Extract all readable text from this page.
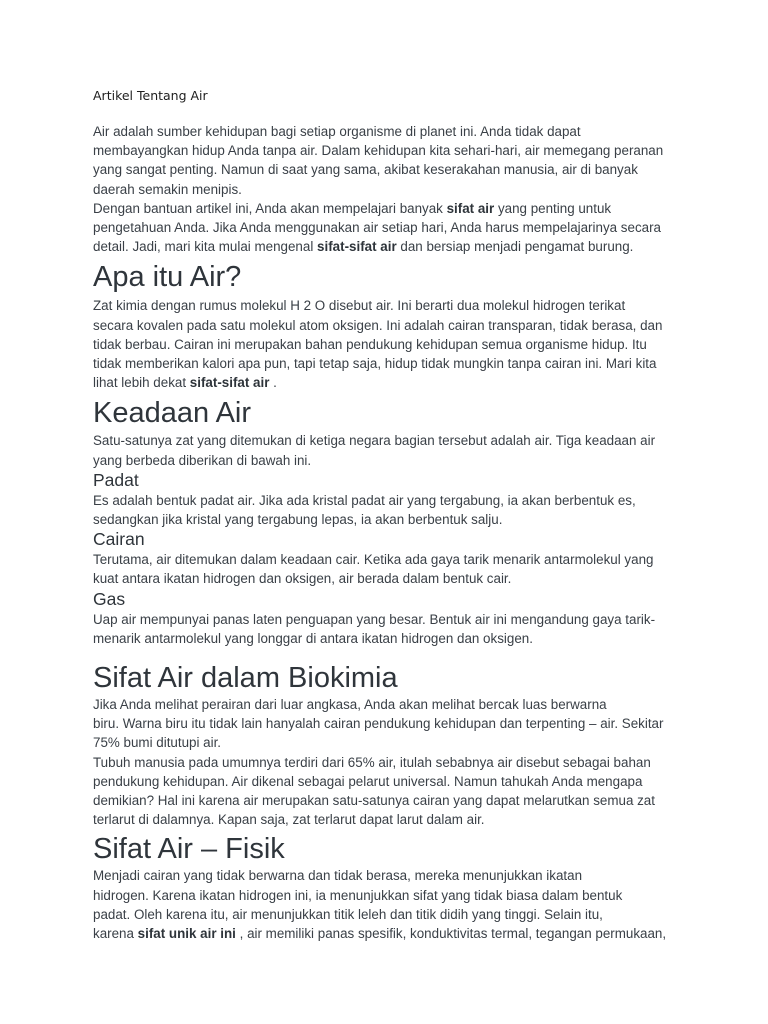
Artikel Tentang Air

Air adalah sumber kehidupan bagi setiap organisme di planet ini. Anda tidak dapat
membayangkan hidup Anda tanpa air. Dalam kehidupan kita sehari-hari, air memegang peranan
yang sangat penting. Namun di saat yang sama, akibat keserakahan manusia, air di banyak
daerah semakin menipis.

Dengan bantuan artikel ini, Anda akan mempelajari banyak sifat air yang penting untuk
pengetahuan Anda. Jika Anda menggunakan air setiap hari, Anda harus mempelajarinya secara
detail. Jadi, mari kita mulai mengenal sifat-sifat air dan bersiap menjadi pengamat burung.

Apa itu Air?

Zat kimia dengan rumus molekul H 2 O disebut air. Ini berarti dua molekul hidrogen terikat
secara kovalen pada satu molekul atom oksigen. Ini adalah cairan transparan, tidak berasa, dan
tidak berbau. Cairan ini merupakan bahan pendukung kehidupan semua organisme hidup. Itu
tidak memberikan kalori apa pun, tapi tetap saja, hidup tidak mungkin tanpa cairan ini. Mari kita
lihat lebih dekat sifat-sifat air .

Keadaan Air

Satu-satunya zat yang ditemukan di ketiga negara bagian tersebut adalah air. Tiga keadaan air
yang berbeda diberikan di bawah ini.

Padat

Es adalah bentuk padat air. Jika ada kristal padat air yang tergabung, ia akan berbentuk es,
sedangkan jika kristal yang tergabung lepas, ia akan berbentuk salju.

Cairan

Terutama, air ditemukan dalam keadaan cair. Ketika ada gaya tarik menarik antarmolekul yang
kuat antara ikatan hidrogen dan oksigen, air berada dalam bentuk cair.

Gas

Uap air mempunyai panas laten penguapan yang besar. Bentuk air ini mengandung gaya tarik-
menarik antarmolekul yang longgar di antara ikatan hidrogen dan oksigen.

Sifat Air dalam Biokimia

Jika Anda melihat perairan dari luar angkasa, Anda akan melihat bercak luas berwarna
biru. Warna biru itu tidak lain hanyalah cairan pendukung kehidupan dan terpenting – air. Sekitar
75% bumi ditutupi air.

Tubuh manusia pada umumnya terdiri dari 65% air, itulah sebabnya air disebut sebagai bahan
pendukung kehidupan. Air dikenal sebagai pelarut universal. Namun tahukah Anda mengapa
demikian? Hal ini karena air merupakan satu-satunya cairan yang dapat melarutkan semua zat
terlarut di dalamnya. Kapan saja, zat terlarut dapat larut dalam air.

Sifat Air – Fisik

Menjadi cairan yang tidak berwarna dan tidak berasa, mereka menunjukkan ikatan
hidrogen. Karena ikatan hidrogen ini, ia menunjukkan sifat yang tidak biasa dalam bentuk
padat. Oleh karena itu, air menunjukkan titik leleh dan titik didih yang tinggi. Selain itu,
karena sifat unik air ini , air memiliki panas spesifik, konduktivitas termal, tegangan permukaan,
